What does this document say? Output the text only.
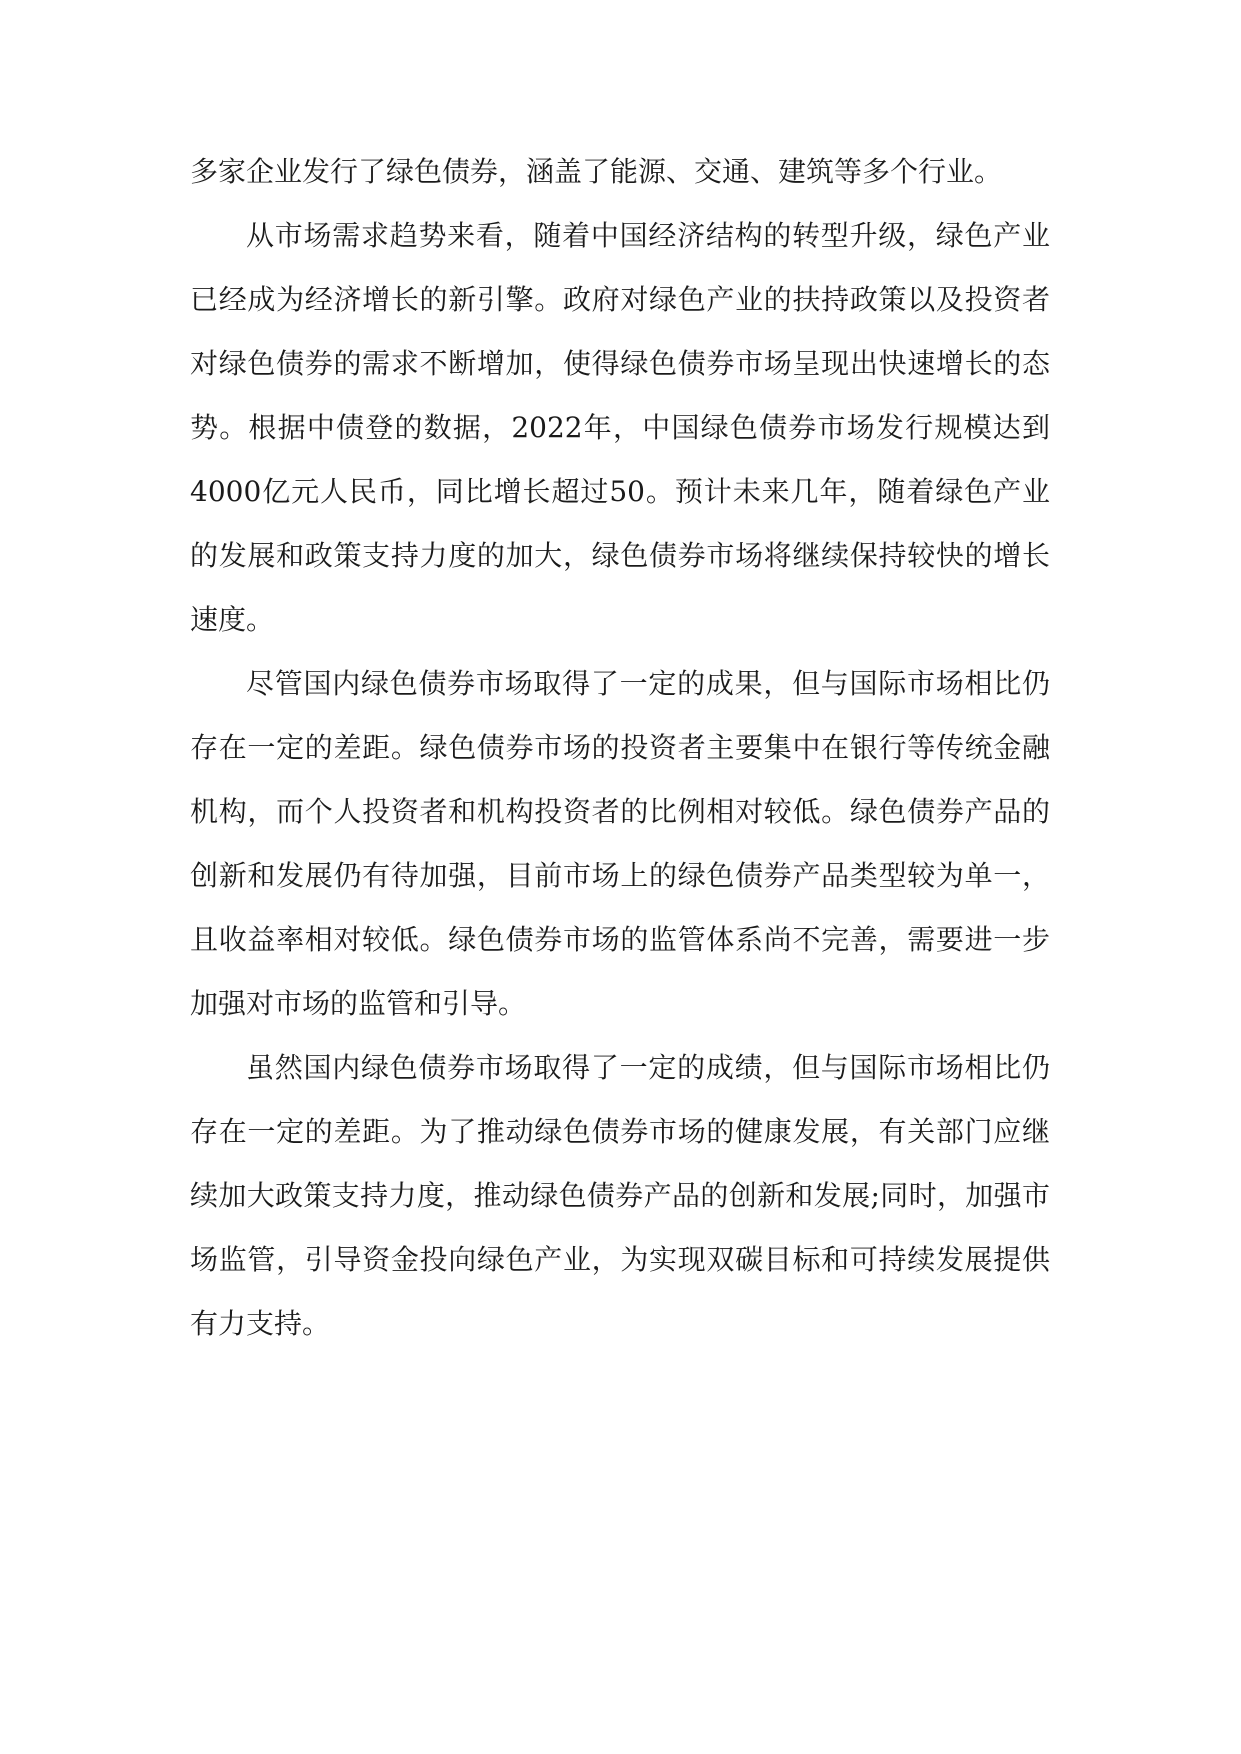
多家企业发行了绿色债券，涵盖了能源、交通、建筑等多个行业。

从市场需求趋势来看，随着中国经济结构的转型升级，绿色产业已经成为经济增长的新引擎。政府对绿色产业的扶持政策以及投资者对绿色债券的需求不断增加，使得绿色债券市场呈现出快速增长的态势。根据中债登的数据，2022年，中国绿色债券市场发行规模达到4000亿元人民币，同比增长超过50。预计未来几年，随着绿色产业的发展和政策支持力度的加大，绿色债券市场将继续保持较快的增长速度。

尽管国内绿色债券市场取得了一定的成果，但与国际市场相比仍存在一定的差距。绿色债券市场的投资者主要集中在银行等传统金融机构，而个人投资者和机构投资者的比例相对较低。绿色债券产品的创新和发展仍有待加强，目前市场上的绿色债券产品类型较为单一，且收益率相对较低。绿色债券市场的监管体系尚不完善，需要进一步加强对市场的监管和引导。

虽然国内绿色债券市场取得了一定的成绩，但与国际市场相比仍存在一定的差距。为了推动绿色债券市场的健康发展，有关部门应继续加大政策支持力度，推动绿色债券产品的创新和发展;同时，加强市场监管，引导资金投向绿色产业，为实现双碳目标和可持续发展提供有力支持。
